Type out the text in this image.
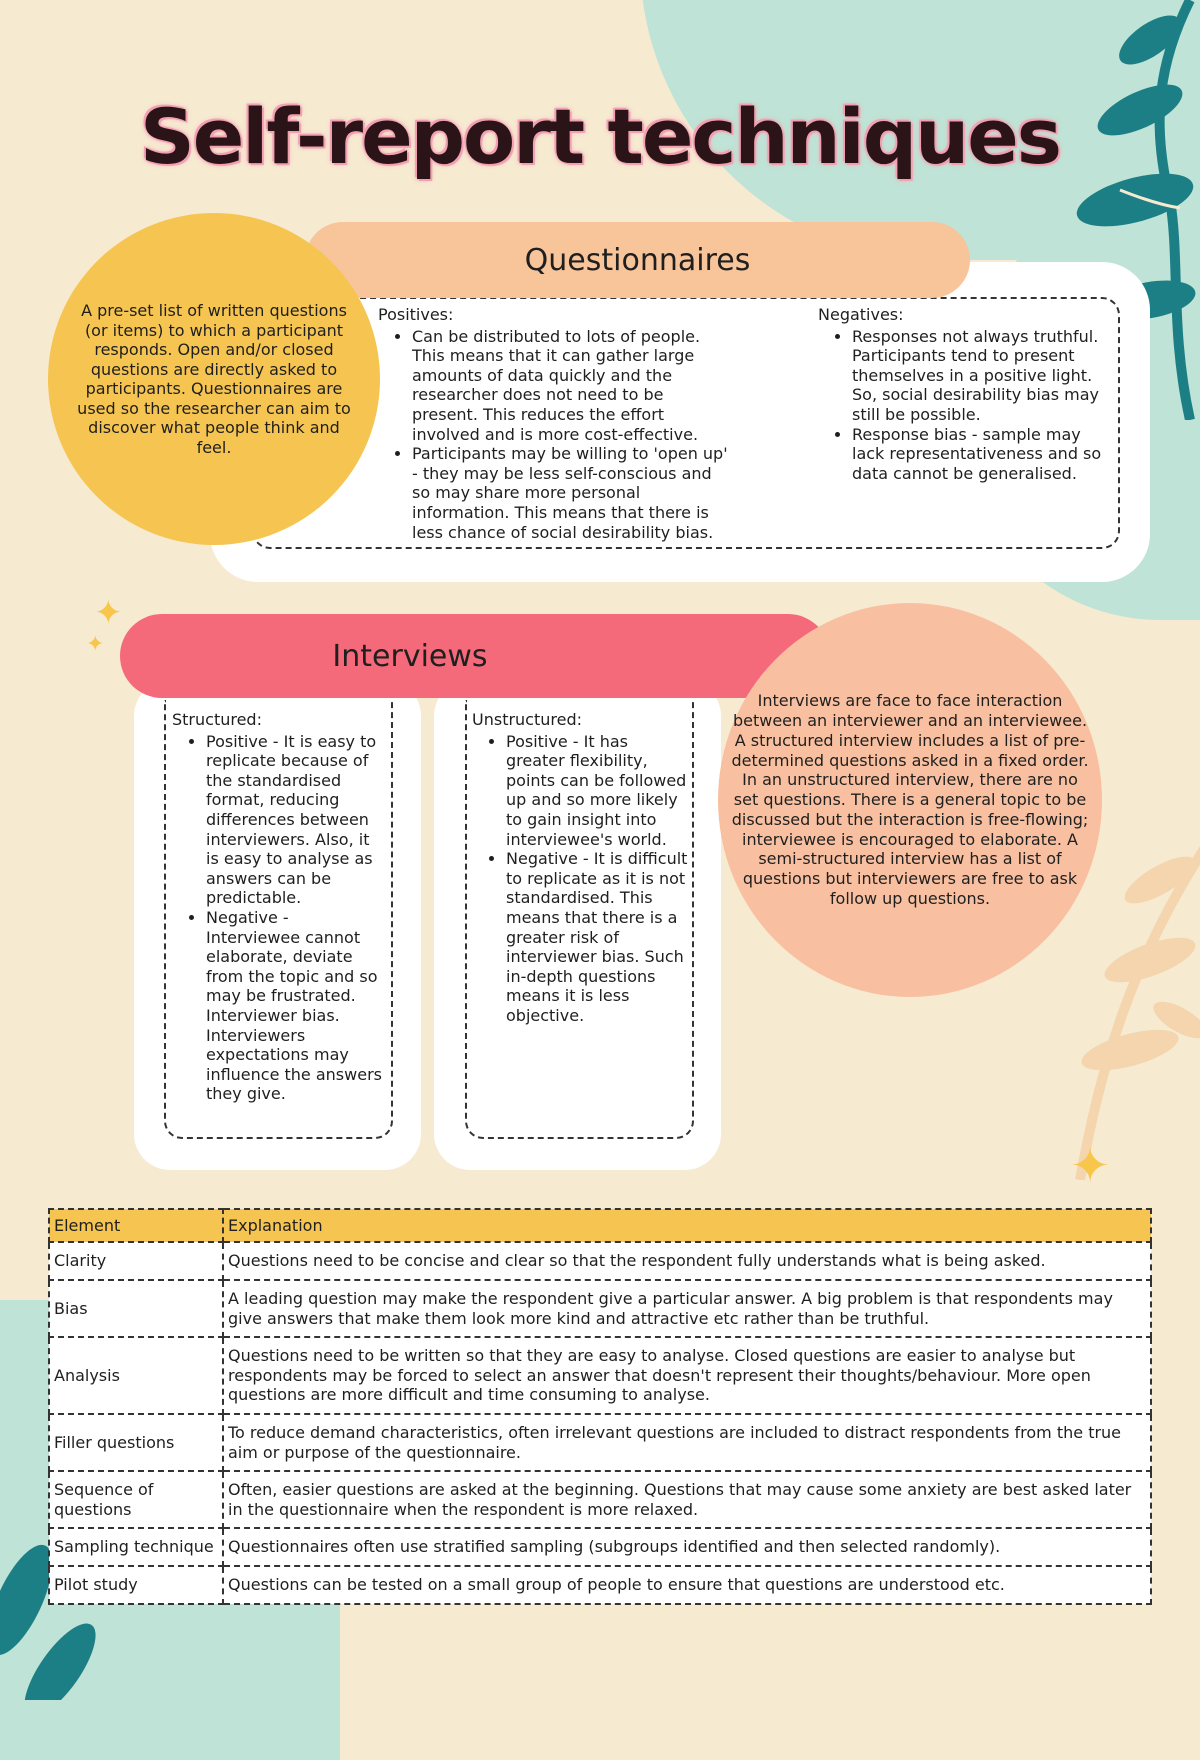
✦
✦
✦
Self-report techniques
Questionnaires

A pre-set list of written questions (or items) to which a participant responds. Open and/or closed questions are directly asked to participants. Questionnaires are used so the researcher can aim to discover what people think and feel.

Positives:

• Can be distributed to lots of people. This means that it can gather large amounts of data quickly and the researcher does not need to be present. This reduces the effort involved and is more cost-effective.
• Participants may be willing to 'open up' - they may be less self-conscious and so may share more personal information. This means that there is less chance of social desirability bias.

Negatives:

• Responses not always truthful. Participants tend to present themselves in a positive light. So, social desirability bias may still be possible.
• Response bias - sample may lack representativeness and so data cannot be generalised.
Interviews

Interviews are face to face interaction between an interviewer and an interviewee. A structured interview includes a list of pre-determined questions asked in a fixed order. In an unstructured interview, there are no set questions. There is a general topic to be discussed but the interaction is free-flowing; interviewee is encouraged to elaborate. A semi-structured interview has a list of questions but interviewers are free to ask follow up questions.

Structured:

• Positive - It is easy to replicate because of the standardised format, reducing differences between interviewers. Also, it is easy to analyse as answers can be predictable.
• Negative - Interviewee cannot elaborate, deviate from the topic and so may be frustrated. Interviewer bias. Interviewers expectations may influence the answers they give.

Unstructured:

• Positive - It has greater flexibility, points can be followed up and so more likely to gain insight into interviewee's world.
• Negative - It is difficult to replicate as it is not standardised. This means that there is a greater risk of interviewer bias. Such in-depth questions means it is less objective.
Element	Explanation
Clarity	Questions need to be concise and clear so that the respondent fully understands what is being asked.
Bias	A leading question may make the respondent give a particular answer. A big problem is that respondents may give answers that make them look more kind and attractive etc rather than be truthful.
Analysis	Questions need to be written so that they are easy to analyse. Closed questions are easier to analyse but respondents may be forced to select an answer that doesn't represent their thoughts/behaviour. More open questions are more difficult and time consuming to analyse.
Filler questions	To reduce demand characteristics, often irrelevant questions are included to distract respondents from the true aim or purpose of the questionnaire.
Sequence of questions	Often, easier questions are asked at the beginning. Questions that may cause some anxiety are best asked later in the questionnaire when the respondent is more relaxed.
Sampling technique	Questionnaires often use stratified sampling (subgroups identified and then selected randomly).
Pilot study	Questions can be tested on a small group of people to ensure that questions are understood etc.
